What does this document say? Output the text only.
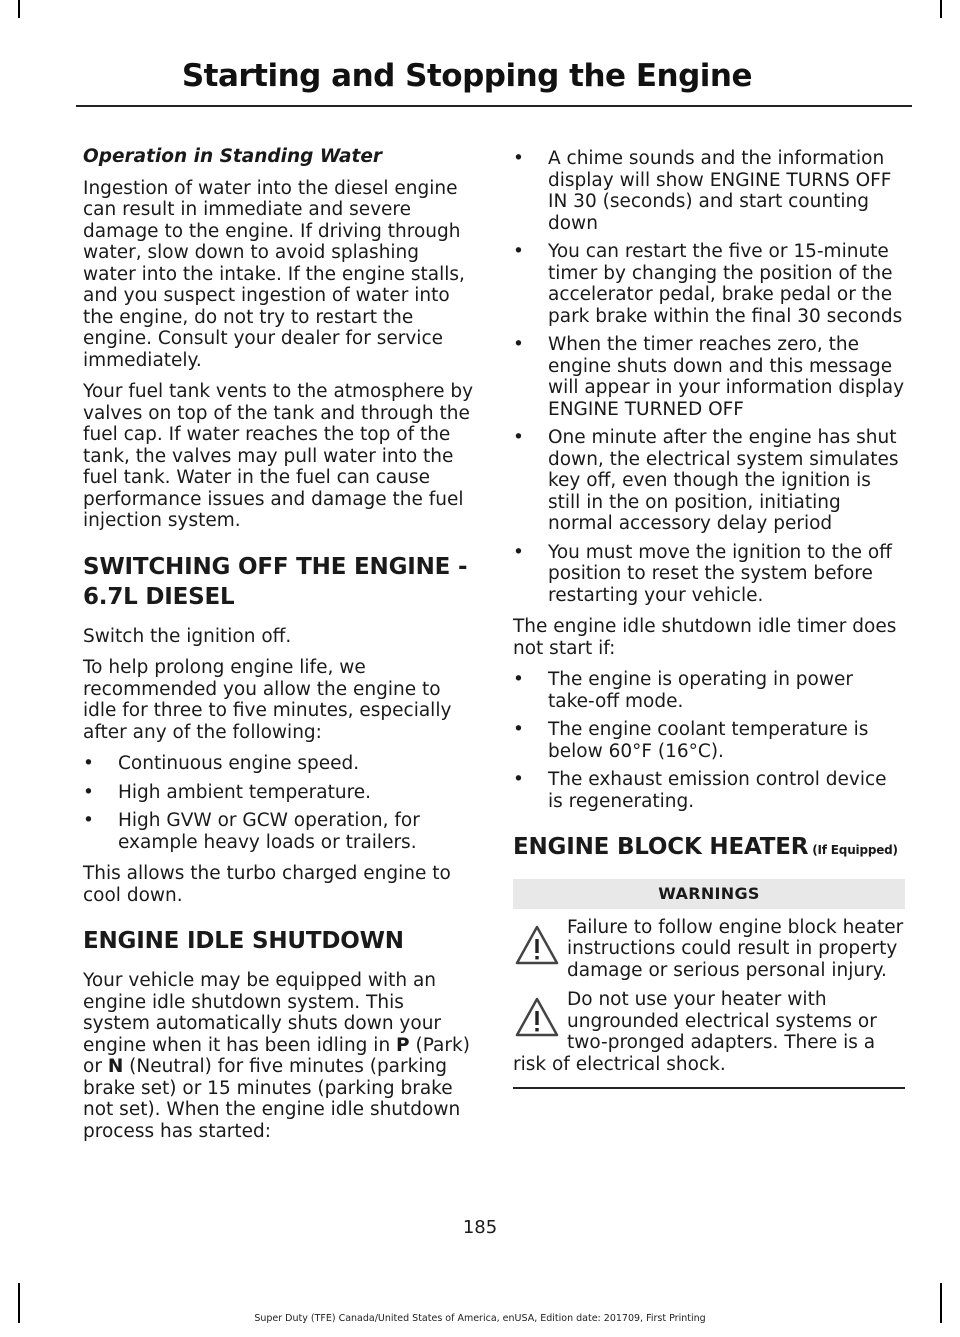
Starting and Stopping the Engine

Operation in Standing Water

Ingestion of water into the diesel engine can result in immediate and severe damage to the engine. If driving through water, slow down to avoid splashing water into the intake. If the engine stalls, and you suspect ingestion of water into the engine, do not try to restart the engine. Consult your dealer for service immediately.

Your fuel tank vents to the atmosphere by valves on top of the tank and through the fuel cap. If water reaches the top of the tank, the valves may pull water into the fuel tank. Water in the fuel can cause performance issues and damage the fuel injection system.

SWITCHING OFF THE ENGINE - 6.7L DIESEL

Switch the ignition off.

To help prolong engine life, we recommended you allow the engine to idle for three to five minutes, especially after any of the following:

• Continuous engine speed.
• High ambient temperature.
• High GVW or GCW operation, for example heavy loads or trailers.

This allows the turbo charged engine to cool down.

ENGINE IDLE SHUTDOWN

Your vehicle may be equipped with an engine idle shutdown system. This system automatically shuts down your engine when it has been idling in P (Park) or N (Neutral) for five minutes (parking brake set) or 15 minutes (parking brake not set). When the engine idle shutdown process has started:

• A chime sounds and the information display will show ENGINE TURNS OFF IN 30 (seconds) and start counting down
• You can restart the five or 15-minute timer by changing the position of the accelerator pedal, brake pedal or the park brake within the final 30 seconds
• When the timer reaches zero, the engine shuts down and this message will appear in your information display ENGINE TURNED OFF
• One minute after the engine has shut down, the electrical system simulates key off, even though the ignition is still in the on position, initiating normal accessory delay period
• You must move the ignition to the off position to reset the system before restarting your vehicle.

The engine idle shutdown idle timer does not start if:

• The engine is operating in power take-off mode.
• The engine coolant temperature is below 60°F (16°C).
• The exhaust emission control device is regenerating.
ENGINE BLOCK HEATER (If Equipped)
WARNINGS

Failure to follow engine block heater instructions could result in property damage or serious personal injury.

Do not use your heater with ungrounded electrical systems or two-pronged adapters. There is a risk of electrical shock.

185
Super Duty (TFE) Canada/United States of America, enUSA, Edition date: 201709, First Printing
